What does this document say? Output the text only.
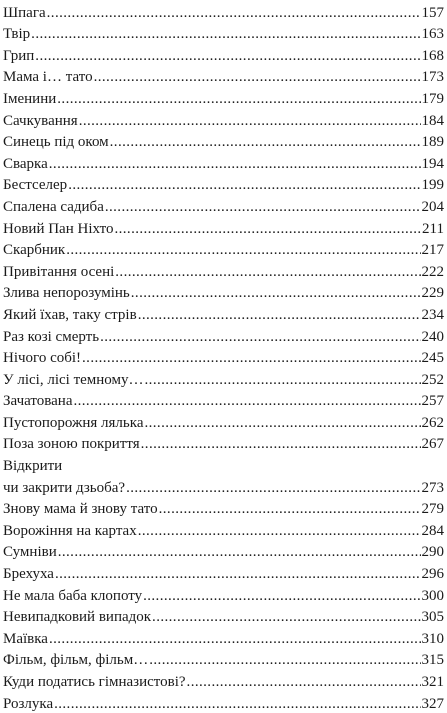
Шпага .....	157
Твір .....	163
Грип .....	168
Мама і… тато .....	173
Іменини .....	179
Сачкування .....	184
Синець під оком .....	189
Сварка .....	194
Бестселер .....	199
Спалена садиба .....	204
Новий Пан Ніхто .....	211
Скарбник .....	217
Привітання осені .....	222
Злива непорозумінь .....	229
Який їхав, таку стрів .....	234
Раз козі смерть .....	240
Нічого собі! .....	245
У лісі, лісі темному… .....	252
Зачатована .....	257
Пустопорожня лялька .....	262
Поза зоною покриття .....	267
Відкрити
чи закрити дзьоба? .....	273
Знову мама й знову тато .....	279
Ворожіння на картах .....	284
Сумніви .....	290
Брехуха .....	296
Не мала баба клопоту .....	300
Невипадковий випадок .....	305
Маївка .....	310
Фільм, фільм, фільм… .....	315
Куди податись гімназистові? .....	321
Розлука .....	327
